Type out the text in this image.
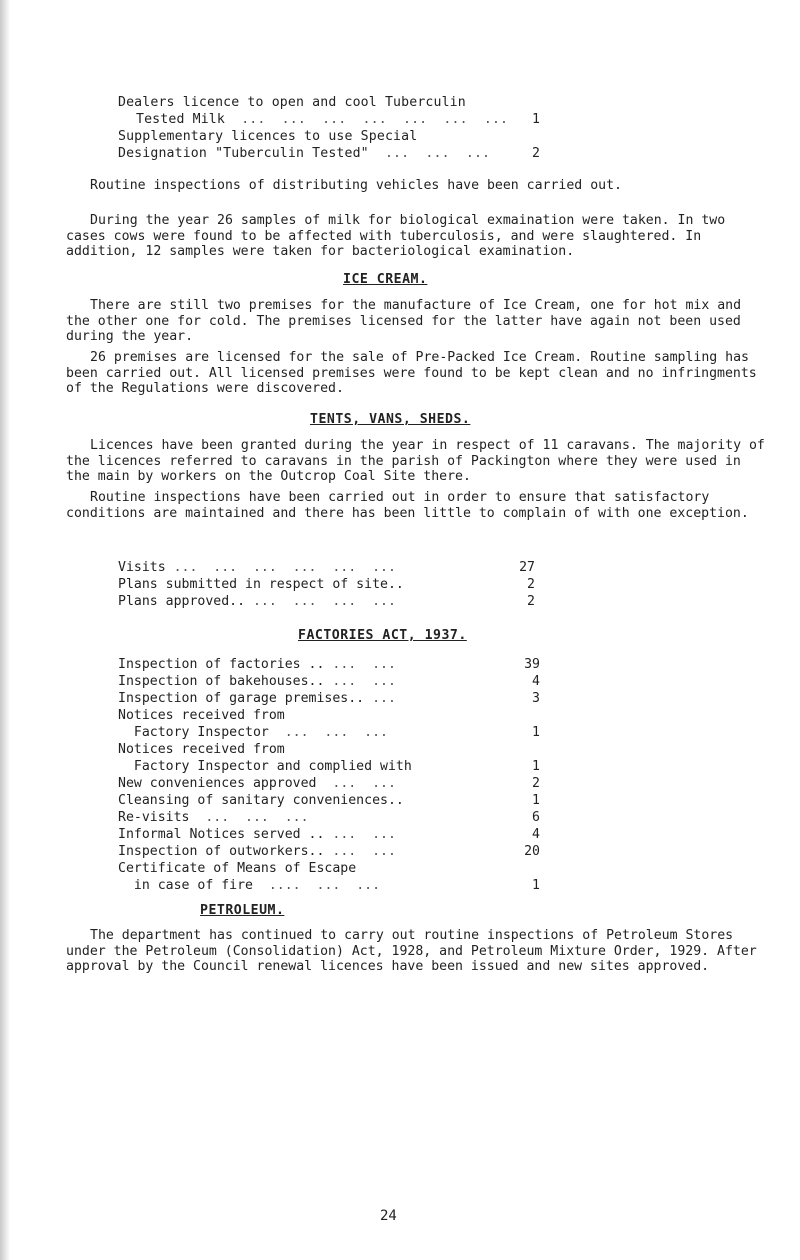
Dealers licence to open and cool Tuberculin
Tested Milk ...  ...  ...  ...  ...  ...  ...	1
Supplementary licences to use Special
Designation "Tuberculin Tested" ...  ...  ...	2
Routine inspections of distributing vehicles have been carried out.
During the year 26 samples of milk for biological exmaination were taken. In two cases cows were found to be affected with tuberculosis, and were slaughtered. In addition, 12 samples were taken for bacteriological examination.
ICE CREAM.
There are still two premises for the manufacture of Ice Cream, one for hot mix and the other one for cold. The premises licensed for the latter have again not been used during the year.
26 premises are licensed for the sale of Pre-Packed Ice Cream. Routine sampling has been carried out. All licensed premises were found to be kept clean and no infringments of the Regulations were discovered.
TENTS, VANS, SHEDS.
Licences have been granted during the year in respect of 11 caravans. The majority of the licences referred to caravans in the parish of Packington where they were used in the main by workers on the Outcrop Coal Site there.
Routine inspections have been carried out in order to ensure that satisfactory conditions are maintained and there has been little to complain of with one exception.
Visits ...  ...  ...  ...  ...  ...	27
Plans submitted in respect of site..	2
Plans approved.. ...  ...  ...  ...	2
FACTORIES ACT, 1937.
Inspection of factories .. ...  ...	39
Inspection of bakehouses.. ...  ...	4
Inspection of garage premises.. ...	3
Notices received from
Factory Inspector  ...  ...  ...	1
Notices received from
Factory Inspector and complied with	1
New conveniences approved  ...  ...	2
Cleansing of sanitary conveniences..	1
Re-visits  ...  ...  ...	6
Informal Notices served .. ...  ...	4
Inspection of outworkers.. ...  ...	20
Certificate of Means of Escape
in case of fire  ....  ...  ...	1
PETROLEUM.
The department has continued to carry out routine inspections of Petroleum Stores under the Petroleum (Consolidation) Act, 1928, and Petroleum Mixture Order, 1929. After approval by the Council renewal licences have been issued and new sites approved.
24
